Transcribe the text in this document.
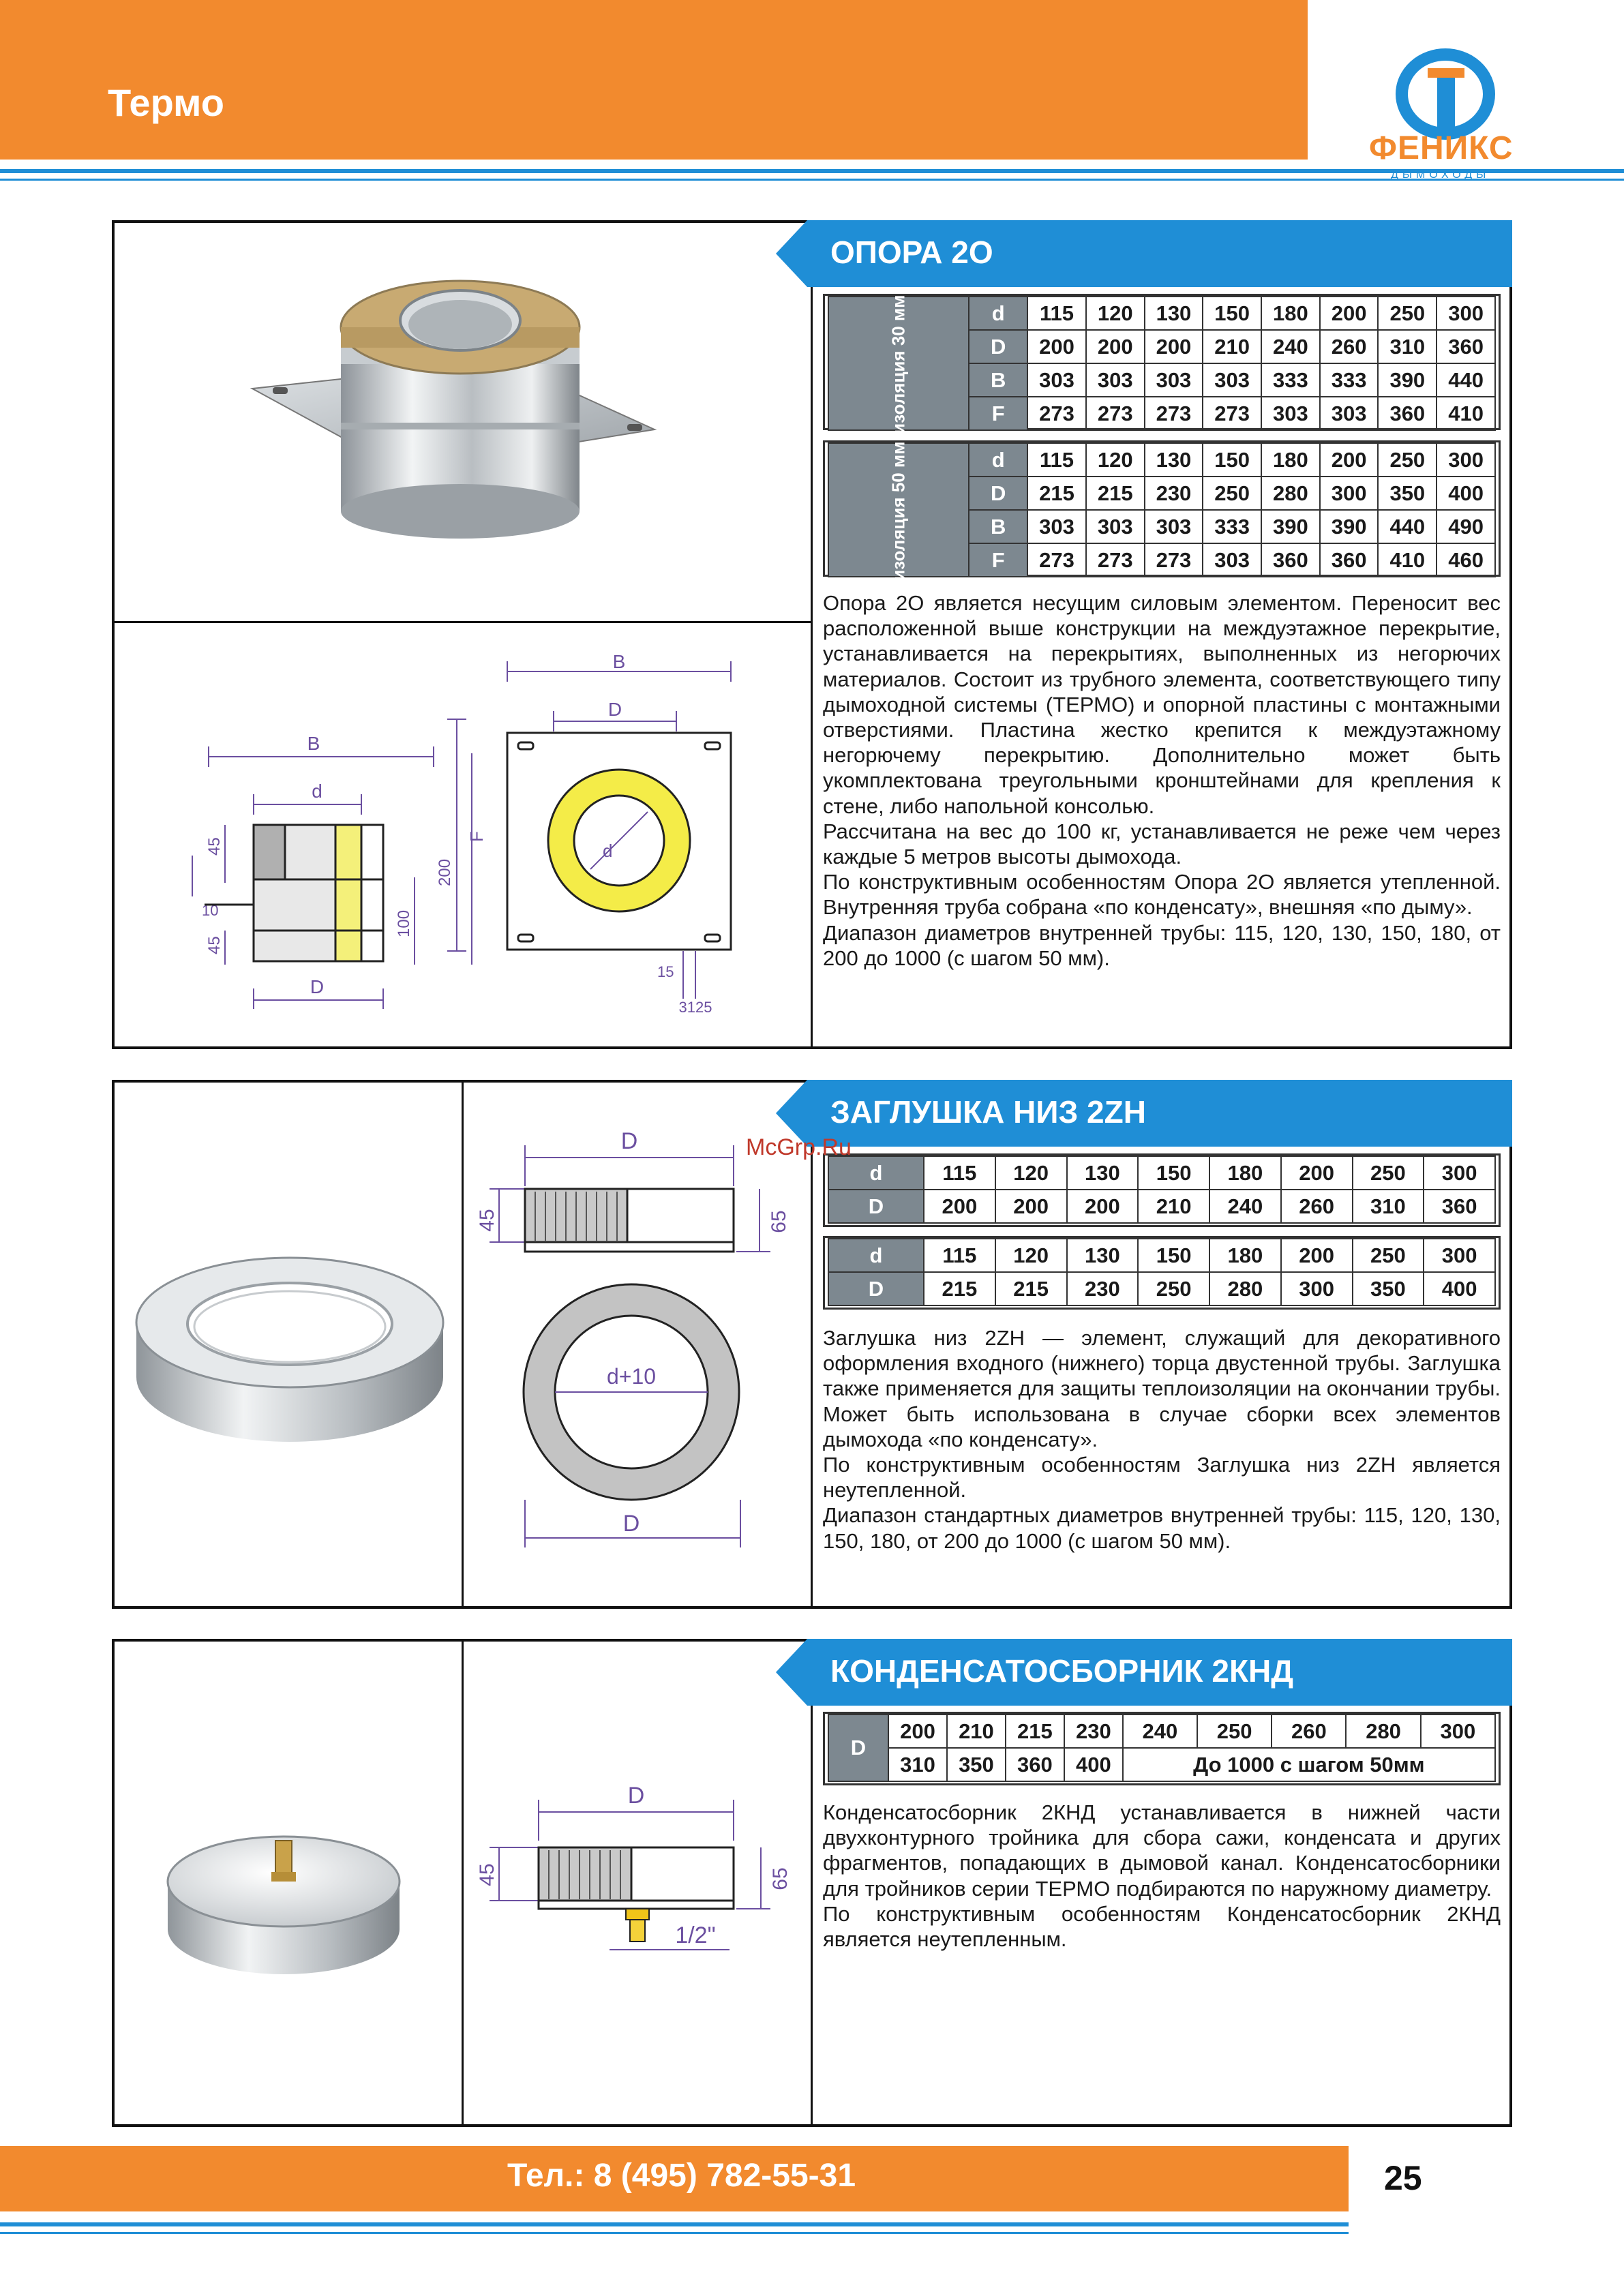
Термо
ФЕНИКС
ДЫМОХОДЫ
B
d
D
45
10
45
200
100
B
D
F
15
3125
d
ОПОРА 2О
изоляция 30 мм	d	115	120	130	150	180	200	250	300
	D	200	200	200	210	240	260	310	360
	B	303	303	303	303	333	333	390	440
	F	273	273	273	273	303	303	360	410
изоляция 50 мм	d	115	120	130	150	180	200	250	300
	D	215	215	230	250	280	300	350	400
	B	303	303	303	333	390	390	440	490
	F	273	273	273	303	360	360	410	460

Опора 2О является несущим силовым элементом. Переносит вес расположенной выше конструкции на междуэтажное перекрытие, устанавливается на перекрытиях, выполненных из негорючих материалов. Состоит из трубного элемента, соответствующего типу дымоходной системы (ТЕРМО) и опорной пластины с монтажными отверстиями. Пластина жестко крепится к междуэтажному негорючему перекрытию. Дополнительно может быть укомплектована треугольными кронштейнами для крепления к стене, либо напольной консолью.

Рассчитана на вес до 100 кг, устанавливается не реже чем через каждые 5 метров высоты дымохода.

По конструктивным особенностям Опора 2О является утепленной. Внутренняя труба собрана «по конденсату», внешняя «по дыму».

Диапазон диаметров внутренней трубы: 115, 120, 130, 150, 180, от 200 до 1000 (с шагом 50 мм).

D
45	65
d+10
D
ЗАГЛУШКА НИЗ 2ZH
d	115	120	130	150	180	200	250	300
D	200	200	200	210	240	260	310	360
d	115	120	130	150	180	200	250	300
D	215	215	230	250	280	300	350	400

Заглушка низ 2ZH — элемент, служащий для декоративного оформления входного (нижнего) торца двустенной трубы. Заглушка также применяется для защиты теплоизоляции на окончании трубы. Может быть использована в случае сборки всех элементов дымохода «по конденсату».

По конструктивным особенностям Заглушка низ 2ZH является неутепленной.

Диапазон стандартных диаметров внутренней трубы: 115, 120, 130, 150, 180, от 200 до 1000 (с шагом 50 мм).

McGrp.Ru
D
45	65
1/2"
КОНДЕНСАТОСБОРНИК 2КНД
D	200	210	215	230	240	250	260	280	300
	310	350	360	400	До 1000 с шагом 50мм				

Конденсатосборник 2КНД устанавливается в нижней части двухконтурного тройника для сбора сажи, конденсата и других фрагментов, попадающих в дымовой канал. Конденсатосборники для тройников серии ТЕРМО подбираются по наружному диаметру.

По конструктивным особенностям Конденсатосборник 2КНД является неутепленным.

Тел.: 8 (495) 782-55-31	25
